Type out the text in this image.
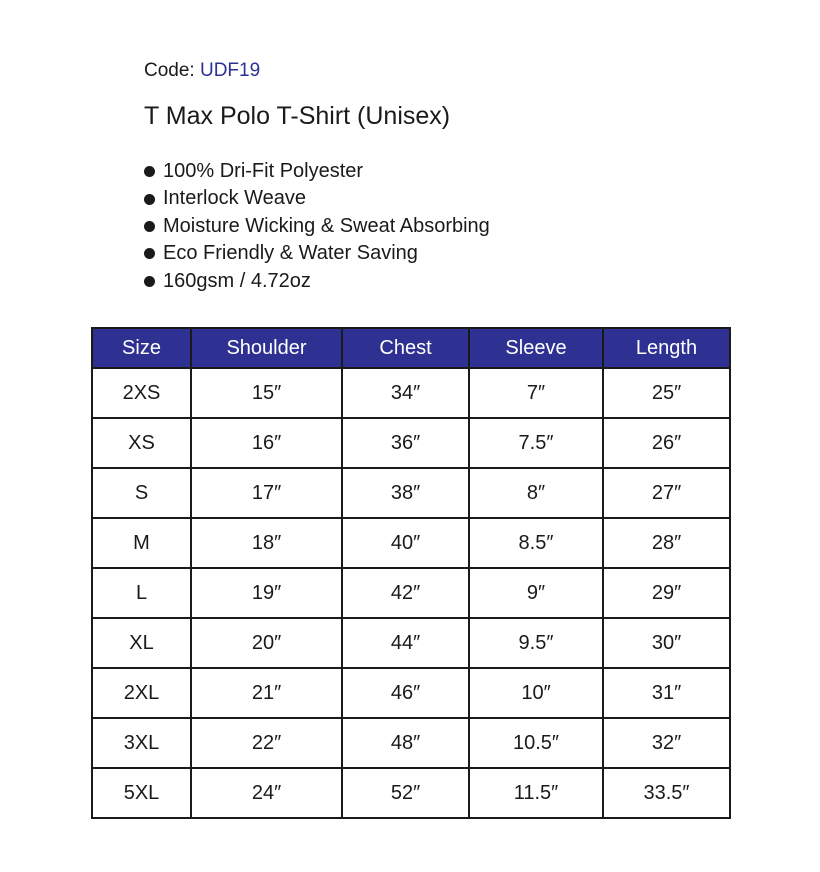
Code: UDF19
T Max Polo T-Shirt (Unisex)
100% Dri-Fit Polyester
Interlock Weave
Moisture Wicking & Sweat Absorbing
Eco Friendly & Water Saving
160gsm / 4.72oz
Size	Shoulder	Chest	Sleeve	Length
2XS	15″	34″	7″	25″
XS	16″	36″	7.5″	26″
S	17″	38″	8″	27″
M	18″	40″	8.5″	28″
L	19″	42″	9″	29″
XL	20″	44″	9.5″	30″
2XL	21″	46″	10″	31″
3XL	22″	48″	10.5″	32″
5XL	24″	52″	11.5″	33.5″
